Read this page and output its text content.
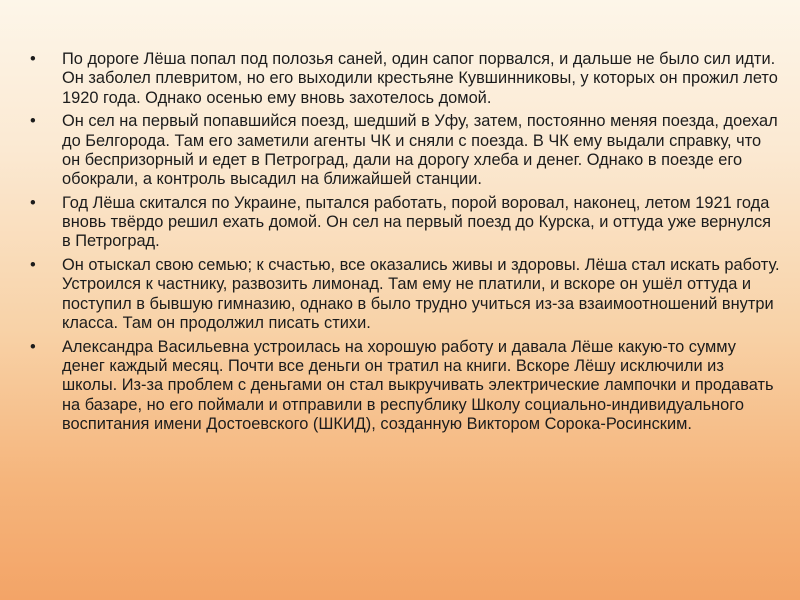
• По дороге Лёша попал под полозья саней, один сапог порвался, и дальше не было сил идти. Он заболел плевритом, но его выходили крестьяне Кувшинниковы, у которых он прожил лето 1920 года. Однако осенью ему вновь захотелось домой.
• Он сел на первый попавшийся поезд, шедший в Уфу, затем, постоянно меняя поезда, доехал до Белгорода. Там его заметили агенты ЧК и сняли с поезда. В ЧК ему выдали справку, что он беспризорный и едет в Петроград, дали на дорогу хлеба и денег. Однако в поезде его обокрали, а контроль высадил на ближайшей станции.
• Год Лёша скитался по Украине, пытался работать, порой воровал, наконец, летом 1921 года вновь твёрдо решил ехать домой. Он сел на первый поезд до Курска, и оттуда уже вернулся в Петроград.
• Он отыскал свою семью; к счастью, все оказались живы и здоровы. Лёша стал искать работу. Устроился к частнику, развозить лимонад. Там ему не платили, и вскоре он ушёл оттуда и поступил в бывшую гимназию, однако в было трудно учиться из-за взаимоотношений внутри класса. Там он продолжил писать стихи.
• Александра Васильевна устроилась на хорошую работу и давала Лёше какую-то сумму денег каждый месяц. Почти все деньги он тратил на книги. Вскоре Лёшу исключили из школы. Из-за проблем с деньгами он стал выкручивать электрические лампочки и продавать на базаре, но его поймали и отправили в республику Школу социально-индивидуального воспитания имени Достоевского (ШКИД), созданную Виктором Сорока-Росинским.
